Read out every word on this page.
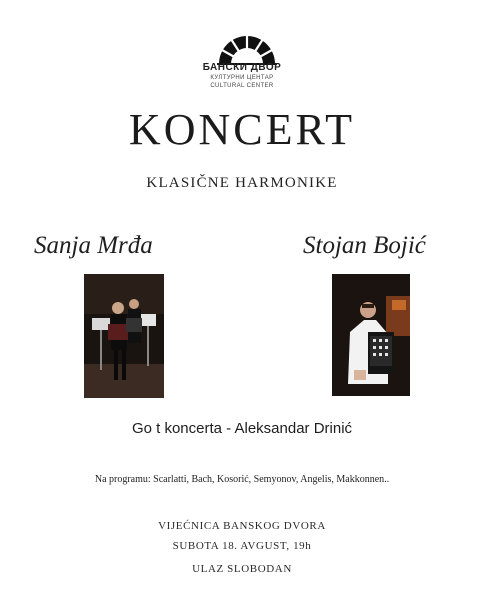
БАНСКИ ДВОР
КУЛТУРНИ ЦЕНТАР
CULTURAL CENTER
KONCERT
KLASIČNE HARMONIKE
Sanja Mrđa	Stojan Bojić
Go t koncerta - Aleksandar Drinić
Na programu: Scarlatti, Bach, Kosorić, Semyonov, Angelis, Makkonnen..
VIJEĆNICA BANSKOG DVORA
SUBOTA 18. AVGUST, 19h
ULAZ SLOBODAN
